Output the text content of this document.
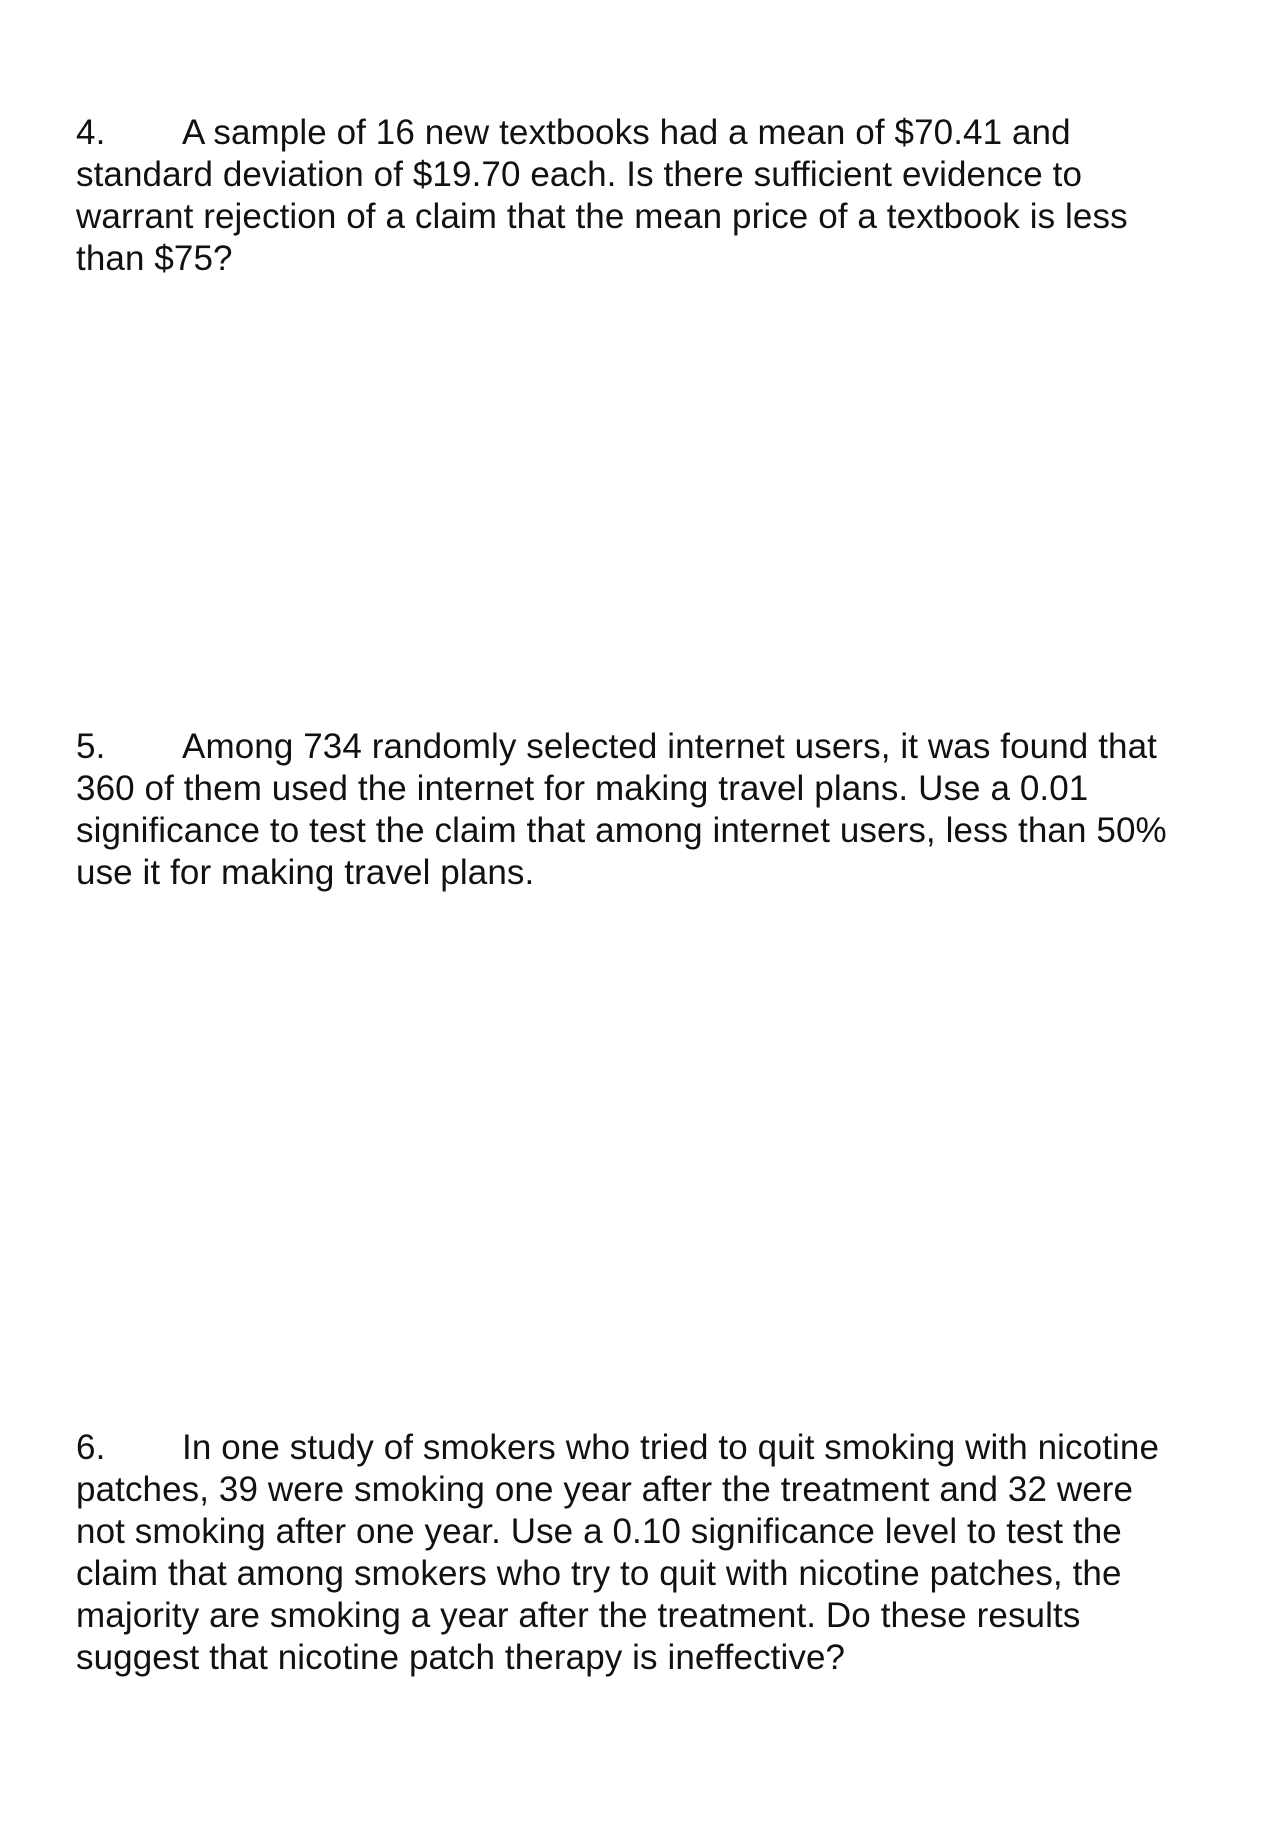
4. A sample of 16 new textbooks had a mean of $70.41 and
standard deviation of $19.70 each. Is there sufficient evidence to
warrant rejection of a claim that the mean price of a textbook is less
than $75?
5. Among 734 randomly selected internet users, it was found that
360 of them used the internet for making travel plans. Use a 0.01
significance to test the claim that among internet users, less than 50%
use it for making travel plans.
6. In one study of smokers who tried to quit smoking with nicotine
patches, 39 were smoking one year after the treatment and 32 were
not smoking after one year. Use a 0.10 significance level to test the
claim that among smokers who try to quit with nicotine patches, the
majority are smoking a year after the treatment. Do these results
suggest that nicotine patch therapy is ineffective?
